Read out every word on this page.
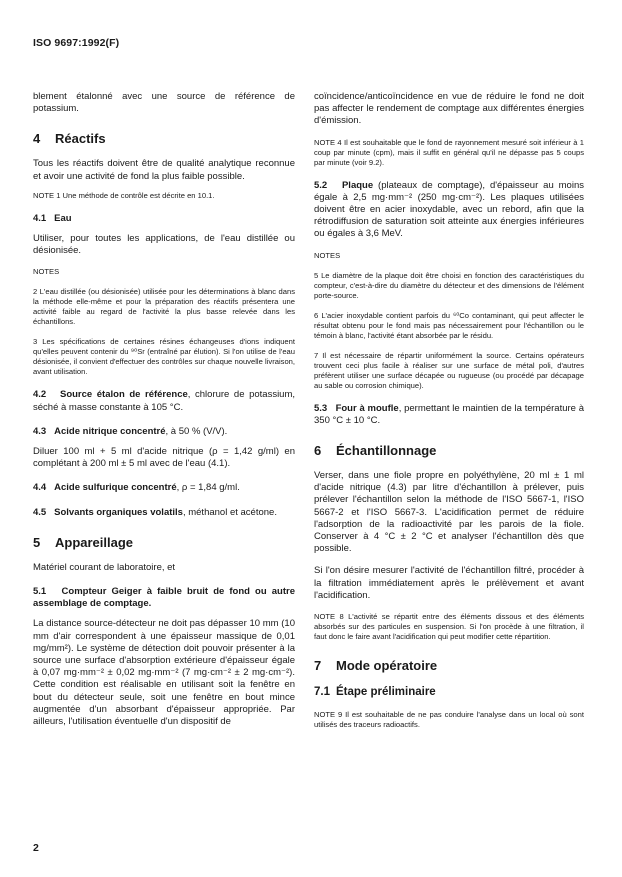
ISO 9697:1992(F)

blement étalonné avec une source de référence de potassium.

4 Réactifs

Tous les réactifs doivent être de qualité analytique reconnue et avoir une activité de fond la plus faible possible.

NOTE 1 Une méthode de contrôle est décrite en 10.1.

4.1 Eau

Utiliser, pour toutes les applications, de l'eau distillée ou désionisée.

NOTES

2 L'eau distillée (ou désionisée) utilisée pour les déterminations à blanc dans la méthode elle-même et pour la préparation des réactifs présentera une activité faible au regard de l'activité la plus basse relevée dans les échantillons.

3 Les spécifications de certaines résines échangeuses d'ions indiquent qu'elles peuvent contenir du ⁹⁰Sr (entraîné par élution). Si l'on utilise de l'eau désionisée, il convient d'effectuer des contrôles sur chaque nouvelle livraison, avant utilisation.

4.2 Source étalon de référence, chlorure de potassium, séché à masse constante à 105 °C.
4.3 Acide nitrique concentré, à 50 % (V/V).

Diluer 100 ml + 5 ml d'acide nitrique (ρ = 1,42 g/ml) en complétant à 200 ml ± 5 ml avec de l'eau (4.1).

4.4 Acide sulfurique concentré, ρ = 1,84 g/ml.
4.5 Solvants organiques volatils, méthanol et acétone.
5 Appareillage

Matériel courant de laboratoire, et

5.1 Compteur Geiger à faible bruit de fond ou autre assemblage de comptage.

La distance source-détecteur ne doit pas dépasser 10 mm (10 mm d'air correspondent à une épaisseur massique de 0,01 mg/mm²). Le système de détection doit pouvoir présenter à la source une surface d'absorption extérieure d'épaisseur égale à 0,07 mg·mm⁻² ± 0,02 mg·mm⁻² (7 mg·cm⁻² ± 2 mg·cm⁻²). Cette condition est réalisable en utilisant soit la fenêtre en bout du détecteur seule, soit une fenêtre en bout mince augmentée d'un absorbant d'épaisseur appropriée. Par ailleurs, l'utilisation éventuelle d'un dispositif de

coïncidence/anticoïncidence en vue de réduire le fond ne doit pas affecter le rendement de comptage aux différentes énergies d'émission.

NOTE 4 Il est souhaitable que le fond de rayonnement mesuré soit inférieur à 1 coup par minute (cpm), mais il suffit en général qu'il ne dépasse pas 5 coups par minute (voir 9.2).

5.2 Plaque (plateaux de comptage), d'épaisseur au moins égale à 2,5 mg·mm⁻² (250 mg·cm⁻²). Les plaques utilisées doivent être en acier inoxydable, avec un rebord, afin que la rétrodiffusion de saturation soit atteinte aux énergies inférieures ou égales à 3,6 MeV.

NOTES

5 Le diamètre de la plaque doit être choisi en fonction des caractéristiques du compteur, c'est-à-dire du diamètre du détecteur et des dimensions de l'élément porte-source.

6 L'acier inoxydable contient parfois du ⁶⁰Co contaminant, qui peut affecter le résultat obtenu pour le fond mais pas nécessairement pour l'échantillon ou le témoin à blanc, l'activité étant absorbée par le résidu.

7 Il est nécessaire de répartir uniformément la source. Certains opérateurs trouvent ceci plus facile à réaliser sur une surface de métal poli, d'autres préfèrent utiliser une surface décapée ou rugueuse (ou procédé par décapage au sable ou corrosion chimique).

5.3 Four à moufle, permettant le maintien de la température à 350 °C ± 10 °C.
6 Échantillonnage

Verser, dans une fiole propre en polyéthylène, 20 ml ± 1 ml d'acide nitrique (4.3) par litre d'échantillon à prélever, puis prélever l'échantillon selon la méthode de l'ISO 5667-1, l'ISO 5667-2 et l'ISO 5667-3. L'acidification permet de réduire l'adsorption de la radioactivité par les parois de la fiole. Conserver à 4 °C ± 2 °C et analyser l'échantillon dès que possible.

Si l'on désire mesurer l'activité de l'échantillon filtré, procéder à la filtration immédiatement après le prélèvement et avant l'acidification.

NOTE 8 L'activité se répartit entre des éléments dissous et des éléments absorbés sur des particules en suspension. Si l'on procède à une filtration, il faut donc le faire avant l'acidification qui peut modifier cette répartition.

7 Mode opératoire
7.1 Étape préliminaire

NOTE 9 Il est souhaitable de ne pas conduire l'analyse dans un local où sont utilisés des traceurs radioactifs.

2
